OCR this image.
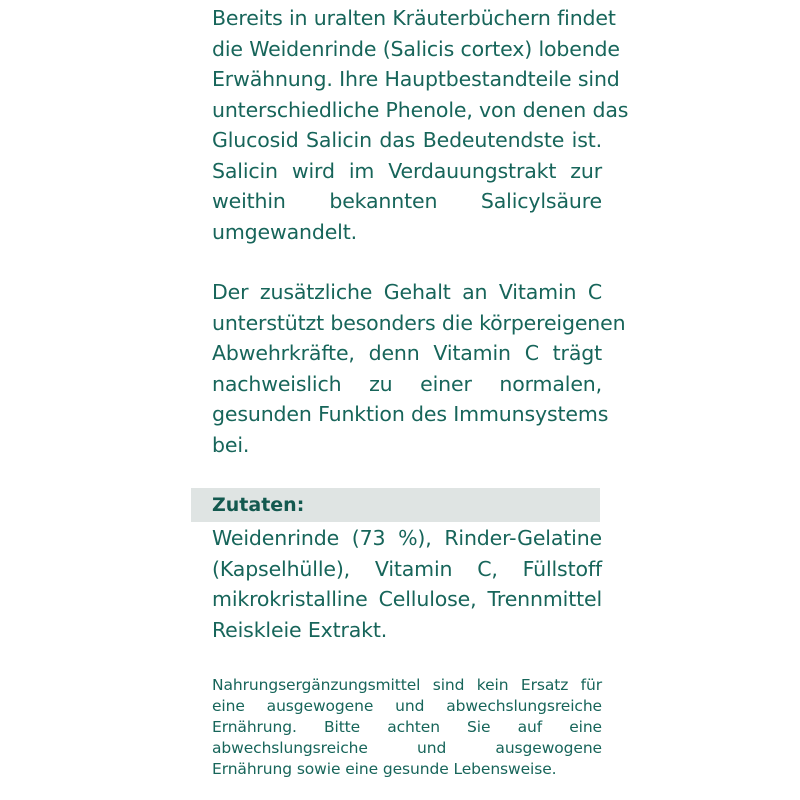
Bereits in uralten Kräuterbüchern findet
die Weidenrinde (Salicis cortex) lobende
Erwähnung. Ihre Hauptbestandteile sind
unterschiedliche Phenole, von denen das
Glucosid Salicin das Bedeutendste ist.
Salicin wird im Verdauungstrakt zur
weithin bekannten Salicylsäure
umgewandelt.
Der zusätzliche Gehalt an Vitamin C
unterstützt besonders die körpereigenen
Abwehrkräfte, denn Vitamin C trägt
nachweislich zu einer normalen,
gesunden Funktion des Immunsystems
bei.
Zutaten:
Weidenrinde (73 %), Rinder-Gelatine
(Kapselhülle), Vitamin C, Füllstoff
mikrokristalline Cellulose, Trennmittel
Reiskleie Extrakt.
Nahrungsergänzungsmittel sind kein Ersatz für
eine ausgewogene und abwechslungsreiche
Ernährung. Bitte achten Sie auf eine
abwechslungsreiche und ausgewogene
Ernährung sowie eine gesunde Lebensweise.
